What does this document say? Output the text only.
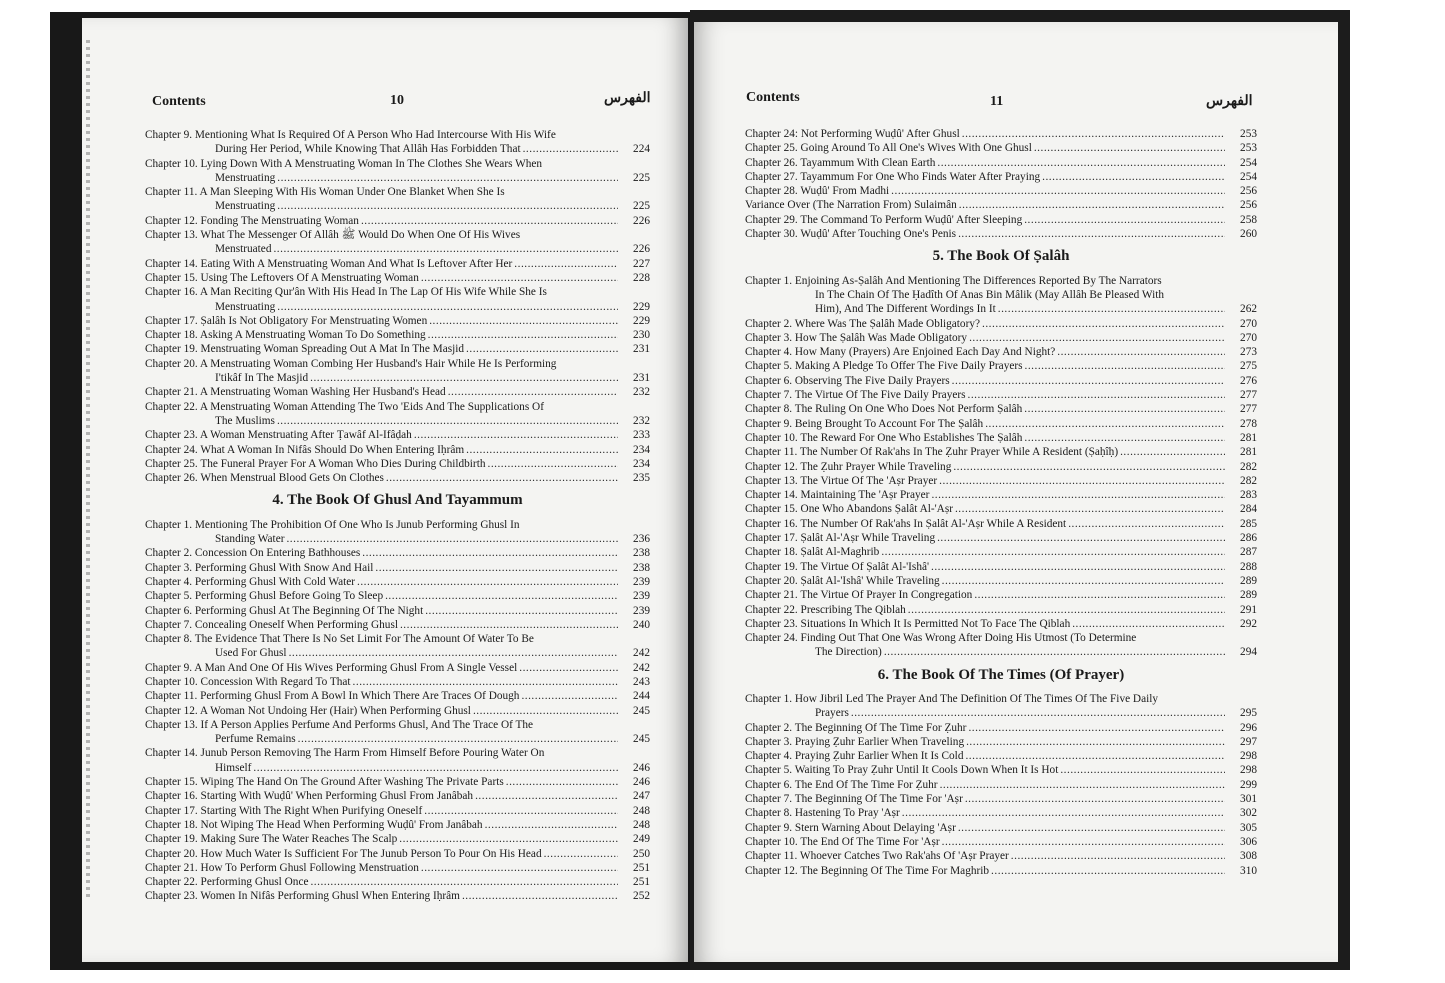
Contents	10	الفهرس
Chapter 9. Mentioning What Is Required Of A Person Who Had Intercourse With His Wife
During Her Period, While Knowing That Allâh Has Forbidden That .....	224
Chapter 10. Lying Down With A Menstruating Woman In The Clothes She Wears When
Menstruating .....	225
Chapter 11. A Man Sleeping With His Woman Under One Blanket When She Is
Menstruating .....	225
Chapter 12. Fonding The Menstruating Woman .....	226
Chapter 13. What The Messenger Of Allâh ﷺ Would Do When One Of His Wives
Menstruated .....	226
Chapter 14. Eating With A Menstruating Woman And What Is Leftover After Her .....	227
Chapter 15. Using The Leftovers Of A Menstruating Woman .....	228
Chapter 16. A Man Reciting Qur'ân With His Head In The Lap Of His Wife While She Is
Menstruating .....	229
Chapter 17. Ṣalâh Is Not Obligatory For Menstruating Women .....	229
Chapter 18. Asking A Menstruating Woman To Do Something .....	230
Chapter 19. Menstruating Woman Spreading Out A Mat In The Masjid .....	231
Chapter 20. A Menstruating Woman Combing Her Husband's Hair While He Is Performing
I'tikâf In The Masjid .....	231
Chapter 21. A Menstruating Woman Washing Her Husband's Head .....	232
Chapter 22. A Menstruating Woman Attending The Two 'Eids And The Supplications Of
The Muslims .....	232
Chapter 23. A Woman Menstruating After Ṭawâf Al-Ifâḍah .....	233
Chapter 24. What A Woman In Nifâs Should Do When Entering Iḥrâm .....	234
Chapter 25. The Funeral Prayer For A Woman Who Dies During Childbirth .....	234
Chapter 26. When Menstrual Blood Gets On Clothes .....	235
4. The Book Of Ghusl And Tayammum
Chapter 1. Mentioning The Prohibition Of One Who Is Junub Performing Ghusl In
Standing Water .....	236
Chapter 2. Concession On Entering Bathhouses .....	238
Chapter 3. Performing Ghusl With Snow And Hail .....	238
Chapter 4. Performing Ghusl With Cold Water .....	239
Chapter 5. Performing Ghusl Before Going To Sleep .....	239
Chapter 6. Performing Ghusl At The Beginning Of The Night .....	239
Chapter 7. Concealing Oneself When Performing Ghusl .....	240
Chapter 8. The Evidence That There Is No Set Limit For The Amount Of Water To Be
Used For Ghusl .....	242
Chapter 9. A Man And One Of His Wives Performing Ghusl From A Single Vessel .....	242
Chapter 10. Concession With Regard To That .....	243
Chapter 11. Performing Ghusl From A Bowl In Which There Are Traces Of Dough .....	244
Chapter 12. A Woman Not Undoing Her (Hair) When Performing Ghusl .....	245
Chapter 13. If A Person Applies Perfume And Performs Ghusl, And The Trace Of The
Perfume Remains .....	245
Chapter 14. Junub Person Removing The Harm From Himself Before Pouring Water On
Himself .....	246
Chapter 15. Wiping The Hand On The Ground After Washing The Private Parts .....	246
Chapter 16. Starting With Wuḍû' When Performing Ghusl From Janâbah .....	247
Chapter 17. Starting With The Right When Purifying Oneself .....	248
Chapter 18. Not Wiping The Head When Performing Wuḍû' From Janâbah .....	248
Chapter 19. Making Sure The Water Reaches The Scalp .....	249
Chapter 20. How Much Water Is Sufficient For The Junub Person To Pour On His Head .....	250
Chapter 21. How To Perform Ghusl Following Menstruation .....	251
Chapter 22. Performing Ghusl Once .....	251
Chapter 23. Women In Nifâs Performing Ghusl When Entering Iḥrâm .....	252
Contents	11	الفهرس
Chapter 24: Not Performing Wuḍû' After Ghusl .....	253
Chapter 25. Going Around To All One's Wives With One Ghusl .....	253
Chapter 26. Tayammum With Clean Earth .....	254
Chapter 27. Tayammum For One Who Finds Water After Praying .....	254
Chapter 28. Wuḍû' From Madhi .....	256
Variance Over (The Narration From) Sulaimân .....	256
Chapter 29. The Command To Perform Wuḍû' After Sleeping .....	258
Chapter 30. Wuḍû' After Touching One's Penis .....	260
5. The Book Of Ṣalâh
Chapter 1. Enjoining As-Ṣalâh And Mentioning The Differences Reported By The Narrators
In The Chain Of The Ḥadîth Of Anas Bin Mâlik (May Allâh Be Pleased With
Him), And The Different Wordings In It .....	262
Chapter 2. Where Was The Ṣalâh Made Obligatory? .....	270
Chapter 3. How The Ṣalâh Was Made Obligatory .....	270
Chapter 4. How Many (Prayers) Are Enjoined Each Day And Night? .....	273
Chapter 5. Making A Pledge To Offer The Five Daily Prayers .....	275
Chapter 6. Observing The Five Daily Prayers .....	276
Chapter 7. The Virtue Of The Five Daily Prayers .....	277
Chapter 8. The Ruling On One Who Does Not Perform Ṣalâh .....	277
Chapter 9. Being Brought To Account For The Ṣalâh .....	278
Chapter 10. The Reward For One Who Establishes The Ṣalâh .....	281
Chapter 11. The Number Of Rak'ahs In The Ẓuhr Prayer While A Resident (Ṣaḥîḥ) .....	281
Chapter 12. The Ẓuhr Prayer While Traveling .....	282
Chapter 13. The Virtue Of The 'Aṣr Prayer .....	282
Chapter 14. Maintaining The 'Aṣr Prayer .....	283
Chapter 15. One Who Abandons Ṣalât Al-'Aṣr .....	284
Chapter 16. The Number Of Rak'ahs In Ṣalât Al-'Aṣr While A Resident .....	285
Chapter 17. Ṣalât Al-'Aṣr While Traveling .....	286
Chapter 18. Ṣalât Al-Maghrib .....	287
Chapter 19. The Virtue Of Ṣalât Al-'Ishâ' .....	288
Chapter 20. Ṣalât Al-'Ishâ' While Traveling .....	289
Chapter 21. The Virtue Of Prayer In Congregation .....	289
Chapter 22. Prescribing The Qiblah .....	291
Chapter 23. Situations In Which It Is Permitted Not To Face The Qiblah .....	292
Chapter 24. Finding Out That One Was Wrong After Doing His Utmost (To Determine
The Direction) .....	294
6. The Book Of The Times (Of Prayer)
Chapter 1. How Jibril Led The Prayer And The Definition Of The Times Of The Five Daily
Prayers .....	295
Chapter 2. The Beginning Of The Time For Ẓuhr .....	296
Chapter 3. Praying Ẓuhr Earlier When Traveling .....	297
Chapter 4. Praying Ẓuhr Earlier When It Is Cold .....	298
Chapter 5. Waiting To Pray Ẓuhr Until It Cools Down When It Is Hot .....	298
Chapter 6. The End Of The Time For Ẓuhr .....	299
Chapter 7. The Beginning Of The Time For 'Aṣr .....	301
Chapter 8. Hastening To Pray 'Aṣr .....	302
Chapter 9. Stern Warning About Delaying 'Aṣr .....	305
Chapter 10. The End Of The Time For 'Aṣr .....	306
Chapter 11. Whoever Catches Two Rak'ahs Of 'Aṣr Prayer .....	308
Chapter 12. The Beginning Of The Time For Maghrib .....	310
